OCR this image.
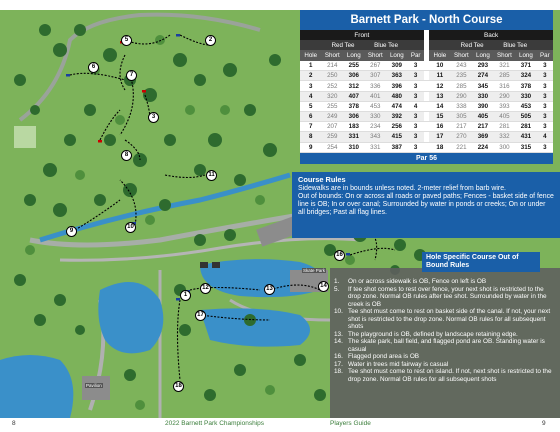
1
2
3
5
6
7
8
9
10
11
12	13	14
16
17
18
Skate Park
Pavilion
Barnett Park - North Course
Front							Back					
	Red Tee		Blue Tee					Red Tee		Blue Tee		
Hole	Short	Long	Short	Long	Par		Hole	Short	Long	Short	Long	Par
1	214	255	267	309	3		10	243	293	321	371	3
2	250	306	307	363	3		11	235	274	285	324	3
3	252	312	336	396	3		12	285	345	316	378	3
4	320	407	401	480	3		13	290	330	290	330	3
5	255	378	453	474	4		14	338	390	393	453	3
6	249	306	330	392	3		15	305	405	405	505	3
7	207	183	234	256	3		16	217	217	281	281	3
8	259	331	343	415	3		17	270	369	332	431	4
9	254	310	331	387	3		18	221	224	300	315	3
Par 56
Course Rules

Sidewalks are in bounds unless noted. 2-meter relief from barb wire.

Out of bounds: On or across all roads or paved paths; Fences - basket side of fence line is OB; In or over canal; Surrounded by water in ponds or creeks; On or under all bridges; Past all flag lines.

Hole Specific Course Out of Bound Rules
1.	On or across sidewalk is OB, Fence on left is OB
5.	If tee shot comes to rest over fence, your next shot is restricted to the drop zone. Normal OB rules after tee shot. Surrounded by water in the creek is OB
10. Tee shot must come to rest on basket side of the canal. If not, your next shot is restricted to the drop zone. Normal OB rules for all subsequent shots
13. The playground is OB, defined by landscape retaining edge.
14. The skate park, ball field, and flagged pond are OB. Standing water is casual
16. Flagged pond area is OB
17. Water in trees mid fairway is casual
18. Tee shot must come to rest on island. If not, next shot is restricted to the drop zone. Normal OB rules for all subsequent shots
8	2022 Barnett Park Championships	Players Guide	9
